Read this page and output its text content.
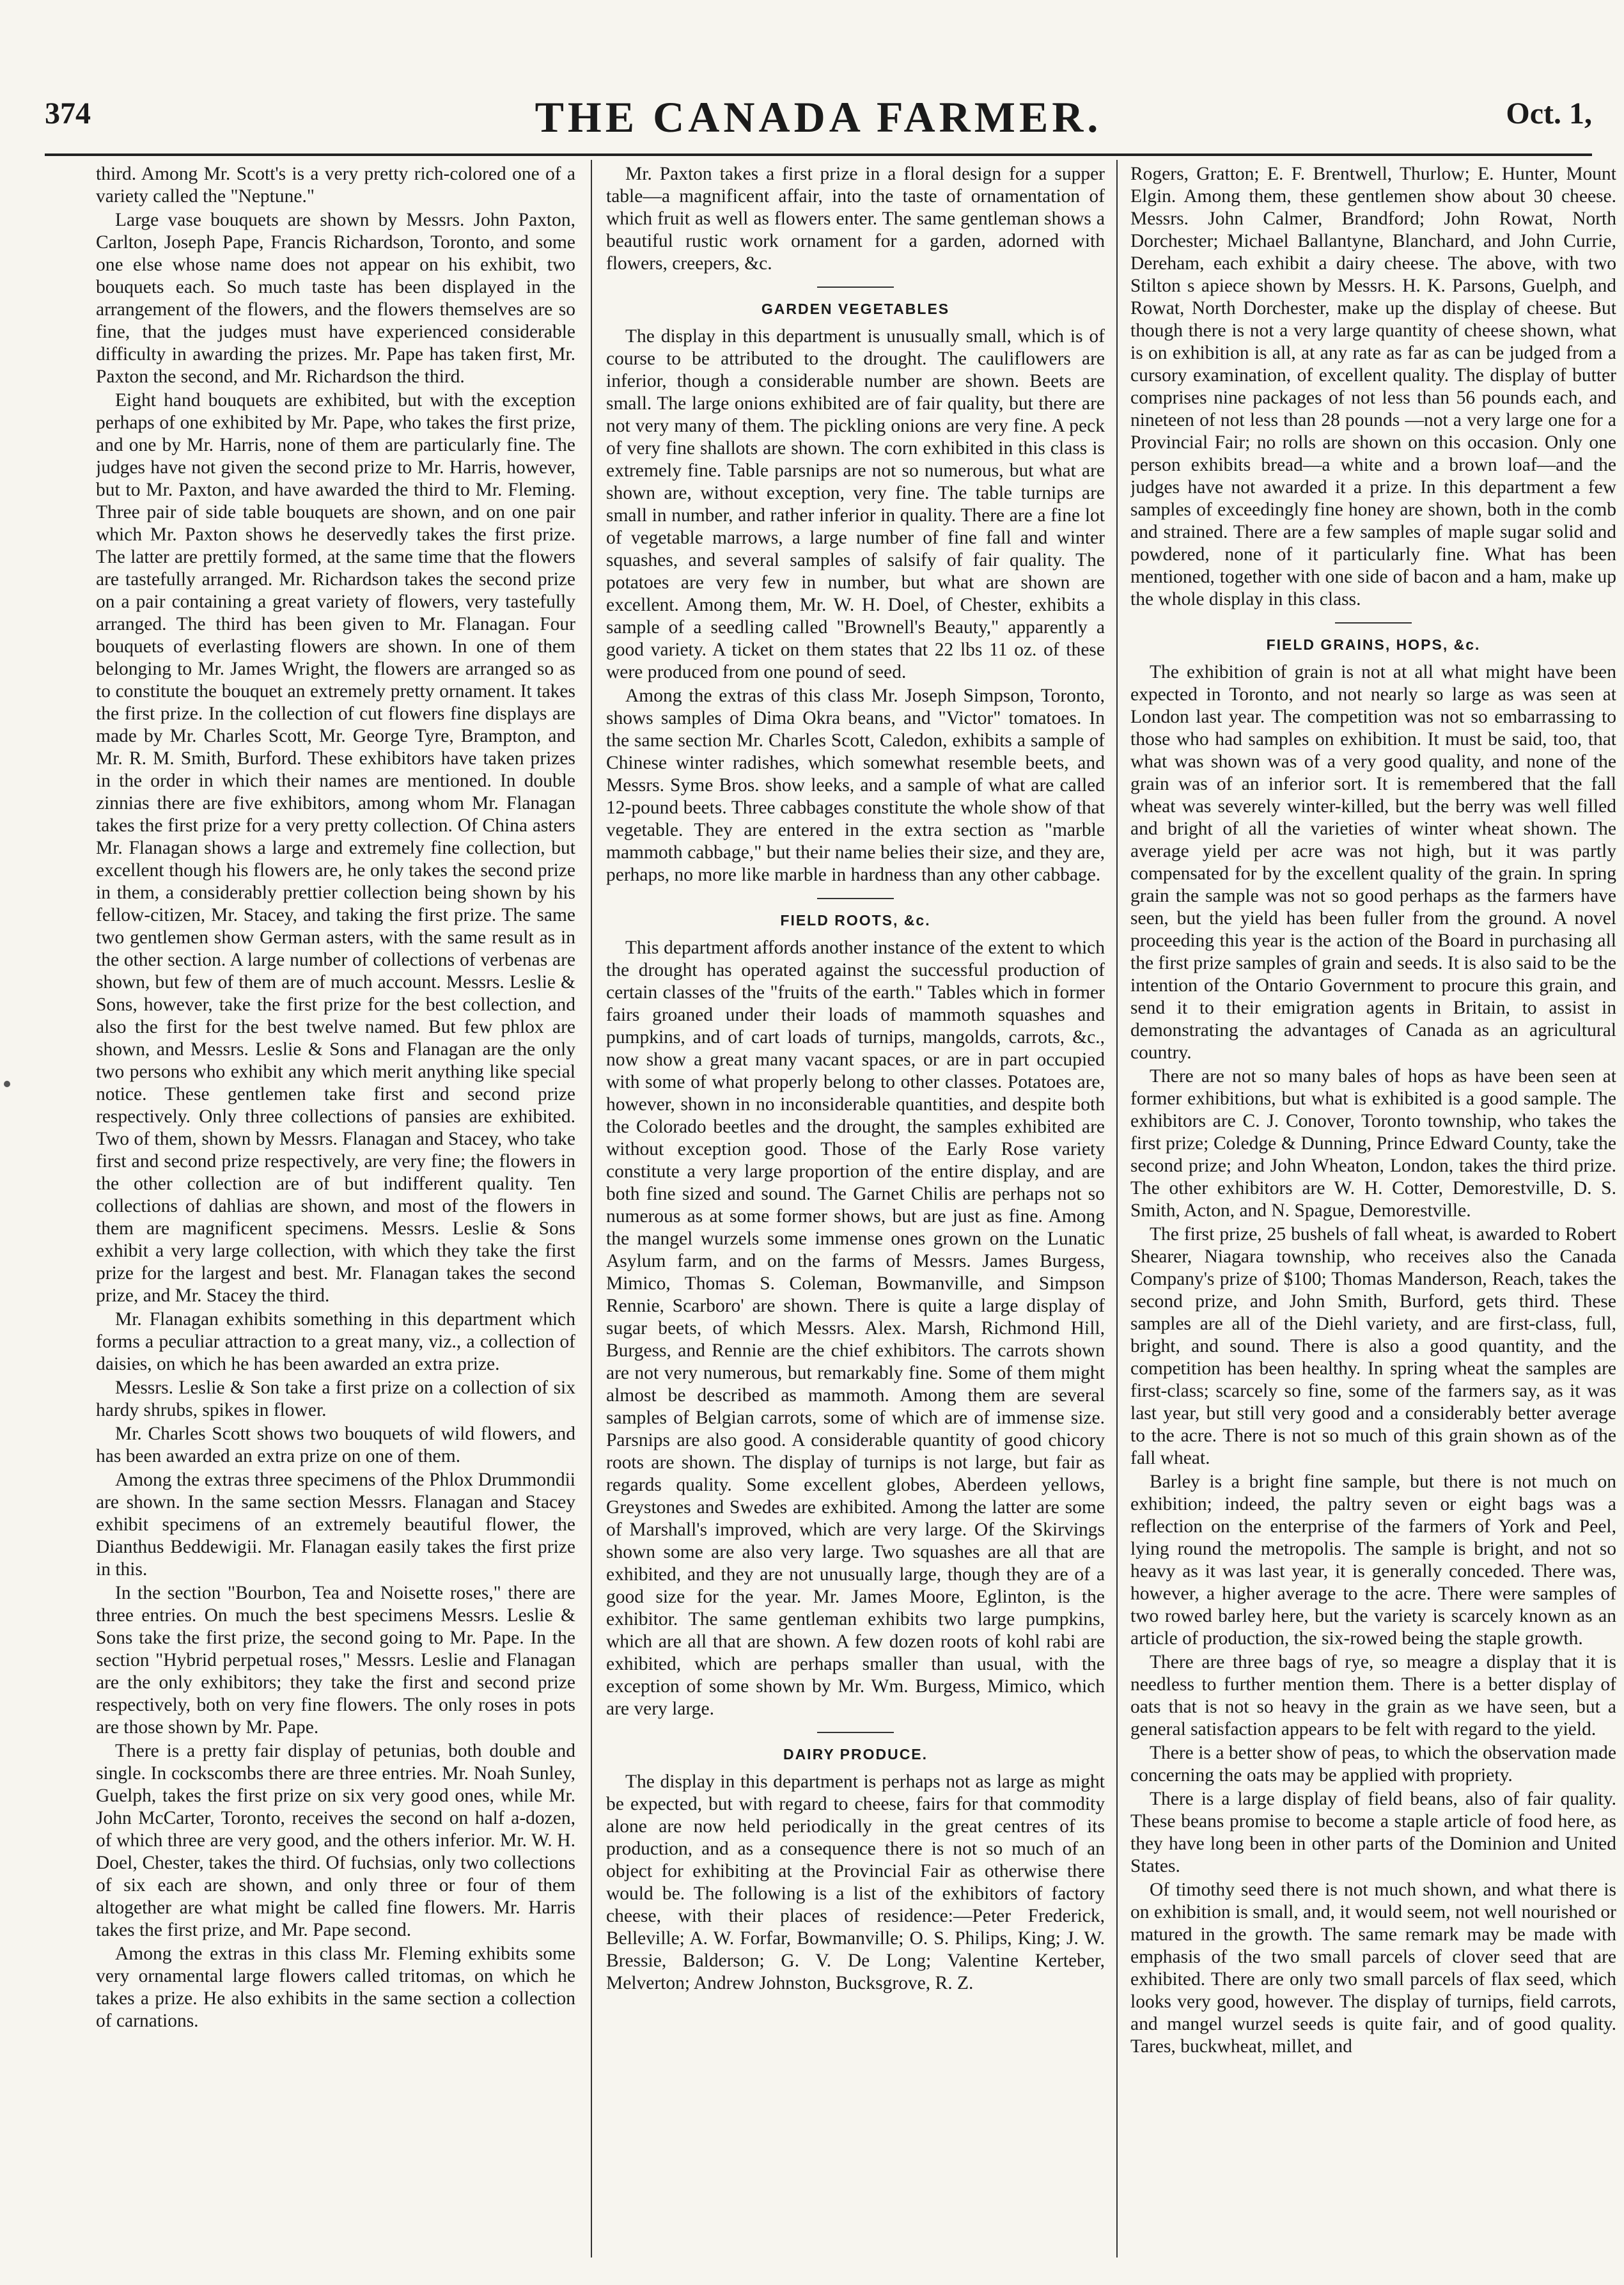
374	THE CANADA FARMER.	Oct. 1,

third. Among Mr. Scott's is a very pretty rich-colored one of a variety called the "Neptune."

Large vase bouquets are shown by Messrs. John Paxton, Carlton, Joseph Pape, Francis Richardson, Toronto, and some one else whose name does not appear on his exhibit, two bouquets each. So much taste has been displayed in the arrangement of the flowers, and the flowers themselves are so fine, that the judges must have experienced considerable difficulty in awarding the prizes. Mr. Pape has taken first, Mr. Paxton the second, and Mr. Richardson the third.

Eight hand bouquets are exhibited, but with the exception perhaps of one exhibited by Mr. Pape, who takes the first prize, and one by Mr. Harris, none of them are particularly fine. The judges have not given the second prize to Mr. Harris, however, but to Mr. Paxton, and have awarded the third to Mr. Fleming. Three pair of side table bouquets are shown, and on one pair which Mr. Paxton shows he deservedly takes the first prize. The latter are prettily formed, at the same time that the flowers are tastefully arranged. Mr. Richardson takes the second prize on a pair containing a great variety of flowers, very tastefully arranged. The third has been given to Mr. Flanagan. Four bouquets of everlasting flowers are shown. In one of them belonging to Mr. James Wright, the flowers are arranged so as to constitute the bouquet an extremely pretty ornament. It takes the first prize. In the collection of cut flowers fine displays are made by Mr. Charles Scott, Mr. George Tyre, Brampton, and Mr. R. M. Smith, Burford. These exhibitors have taken prizes in the order in which their names are mentioned. In double zinnias there are five exhibitors, among whom Mr. Flanagan takes the first prize for a very pretty collection. Of China asters Mr. Flanagan shows a large and extremely fine collection, but excellent though his flowers are, he only takes the second prize in them, a considerably prettier collection being shown by his fellow-citizen, Mr. Stacey, and taking the first prize. The same two gentlemen show German asters, with the same result as in the other section. A large number of collections of verbenas are shown, but few of them are of much account. Messrs. Leslie & Sons, however, take the first prize for the best collection, and also the first for the best twelve named. But few phlox are shown, and Messrs. Leslie & Sons and Flanagan are the only two persons who exhibit any which merit anything like special notice. These gentlemen take first and second prize respectively. Only three collections of pansies are exhibited. Two of them, shown by Messrs. Flanagan and Stacey, who take first and second prize respectively, are very fine; the flowers in the other collection are of but indifferent quality. Ten collections of dahlias are shown, and most of the flowers in them are magnificent specimens. Messrs. Leslie & Sons exhibit a very large collection, with which they take the first prize for the largest and best. Mr. Flanagan takes the second prize, and Mr. Stacey the third.

Mr. Flanagan exhibits something in this department which forms a peculiar attraction to a great many, viz., a collection of daisies, on which he has been awarded an extra prize.

Messrs. Leslie & Son take a first prize on a collection of six hardy shrubs, spikes in flower.

Mr. Charles Scott shows two bouquets of wild flowers, and has been awarded an extra prize on one of them.

Among the extras three specimens of the Phlox Drummondii are shown. In the same section Messrs. Flanagan and Stacey exhibit specimens of an extremely beautiful flower, the Dianthus Beddewigii. Mr. Flanagan easily takes the first prize in this.

In the section "Bourbon, Tea and Noisette roses," there are three entries. On much the best specimens Messrs. Leslie & Sons take the first prize, the second going to Mr. Pape. In the section "Hybrid perpetual roses," Messrs. Leslie and Flanagan are the only exhibitors; they take the first and second prize respectively, both on very fine flowers. The only roses in pots are those shown by Mr. Pape.

There is a pretty fair display of petunias, both double and single. In cockscombs there are three entries. Mr. Noah Sunley, Guelph, takes the first prize on six very good ones, while Mr. John McCarter, Toronto, receives the second on half a-dozen, of which three are very good, and the others inferior. Mr. W. H. Doel, Chester, takes the third. Of fuchsias, only two collections of six each are shown, and only three or four of them altogether are what might be called fine flowers. Mr. Harris takes the first prize, and Mr. Pape second.

Among the extras in this class Mr. Fleming exhibits some very ornamental large flowers called tritomas, on which he takes a prize. He also exhibits in the same section a collection of carnations.

Mr. Paxton takes a first prize in a floral design for a supper table—a magnificent affair, into the taste of ornamentation of which fruit as well as flowers enter. The same gentleman shows a beautiful rustic work ornament for a garden, adorned with flowers, creepers, &c.

GARDEN VEGETABLES

The display in this department is unusually small, which is of course to be attributed to the drought. The cauliflowers are inferior, though a considerable number are shown. Beets are small. The large onions exhibited are of fair quality, but there are not very many of them. The pickling onions are very fine. A peck of very fine shallots are shown. The corn exhibited in this class is extremely fine. Table parsnips are not so numerous, but what are shown are, without exception, very fine. The table turnips are small in number, and rather inferior in quality. There are a fine lot of vegetable marrows, a large number of fine fall and winter squashes, and several samples of salsify of fair quality. The potatoes are very few in number, but what are shown are excellent. Among them, Mr. W. H. Doel, of Chester, exhibits a sample of a seedling called "Brownell's Beauty," apparently a good variety. A ticket on them states that 22 lbs 11 oz. of these were produced from one pound of seed.

Among the extras of this class Mr. Joseph Simpson, Toronto, shows samples of Dima Okra beans, and "Victor" tomatoes. In the same section Mr. Charles Scott, Caledon, exhibits a sample of Chinese winter radishes, which somewhat resemble beets, and Messrs. Syme Bros. show leeks, and a sample of what are called 12-pound beets. Three cabbages constitute the whole show of that vegetable. They are entered in the extra section as "marble mammoth cabbage," but their name belies their size, and they are, perhaps, no more like marble in hardness than any other cabbage.

FIELD ROOTS, &c.

This department affords another instance of the extent to which the drought has operated against the successful production of certain classes of the "fruits of the earth." Tables which in former fairs groaned under their loads of mammoth squashes and pumpkins, and of cart loads of turnips, mangolds, carrots, &c., now show a great many vacant spaces, or are in part occupied with some of what properly belong to other classes. Potatoes are, however, shown in no inconsiderable quantities, and despite both the Colorado beetles and the drought, the samples exhibited are without exception good. Those of the Early Rose variety constitute a very large proportion of the entire display, and are both fine sized and sound. The Garnet Chilis are perhaps not so numerous as at some former shows, but are just as fine. Among the mangel wurzels some immense ones grown on the Lunatic Asylum farm, and on the farms of Messrs. James Burgess, Mimico, Thomas S. Coleman, Bowmanville, and Simpson Rennie, Scarboro' are shown. There is quite a large display of sugar beets, of which Messrs. Alex. Marsh, Richmond Hill, Burgess, and Rennie are the chief exhibitors. The carrots shown are not very numerous, but remarkably fine. Some of them might almost be described as mammoth. Among them are several samples of Belgian carrots, some of which are of immense size. Parsnips are also good. A considerable quantity of good chicory roots are shown. The display of turnips is not large, but fair as regards quality. Some excellent globes, Aberdeen yellows, Greystones and Swedes are exhibited. Among the latter are some of Marshall's improved, which are very large. Of the Skirvings shown some are also very large. Two squashes are all that are exhibited, and they are not unusually large, though they are of a good size for the year. Mr. James Moore, Eglinton, is the exhibitor. The same gentleman exhibits two large pumpkins, which are all that are shown. A few dozen roots of kohl rabi are exhibited, which are perhaps smaller than usual, with the exception of some shown by Mr. Wm. Burgess, Mimico, which are very large.

DAIRY PRODUCE.

The display in this department is perhaps not as large as might be expected, but with regard to cheese, fairs for that commodity alone are now held periodically in the great centres of its production, and as a consequence there is not so much of an object for exhibiting at the Provincial Fair as otherwise there would be. The following is a list of the exhibitors of factory cheese, with their places of residence:—Peter Frederick, Belleville; A. W. Forfar, Bowmanville; O. S. Philips, King; J. W. Bressie, Balderson; G. V. De Long; Valentine Kerteber, Melverton; Andrew Johnston, Bucksgrove, R. Z.

Rogers, Gratton; E. F. Brentwell, Thurlow; E. Hunter, Mount Elgin. Among them, these gentlemen show about 30 cheese. Messrs. John Calmer, Brandford; John Rowat, North Dorchester; Michael Ballantyne, Blanchard, and John Currie, Dereham, each exhibit a dairy cheese. The above, with two Stilton s apiece shown by Messrs. H. K. Parsons, Guelph, and Rowat, North Dorchester, make up the display of cheese. But though there is not a very large quantity of cheese shown, what is on exhibition is all, at any rate as far as can be judged from a cursory examination, of excellent quality. The display of butter comprises nine packages of not less than 56 pounds each, and nineteen of not less than 28 pounds —not a very large one for a Provincial Fair; no rolls are shown on this occasion. Only one person exhibits bread—a white and a brown loaf—and the judges have not awarded it a prize. In this department a few samples of exceedingly fine honey are shown, both in the comb and strained. There are a few samples of maple sugar solid and powdered, none of it particularly fine. What has been mentioned, together with one side of bacon and a ham, make up the whole display in this class.

FIELD GRAINS, HOPS, &c.

The exhibition of grain is not at all what might have been expected in Toronto, and not nearly so large as was seen at London last year. The competition was not so embarrassing to those who had samples on exhibition. It must be said, too, that what was shown was of a very good quality, and none of the grain was of an inferior sort. It is remembered that the fall wheat was severely winter-killed, but the berry was well filled and bright of all the varieties of winter wheat shown. The average yield per acre was not high, but it was partly compensated for by the excellent quality of the grain. In spring grain the sample was not so good perhaps as the farmers have seen, but the yield has been fuller from the ground. A novel proceeding this year is the action of the Board in purchasing all the first prize samples of grain and seeds. It is also said to be the intention of the Ontario Government to procure this grain, and send it to their emigration agents in Britain, to assist in demonstrating the advantages of Canada as an agricultural country.

There are not so many bales of hops as have been seen at former exhibitions, but what is exhibited is a good sample. The exhibitors are C. J. Conover, Toronto township, who takes the first prize; Coledge & Dunning, Prince Edward County, take the second prize; and John Wheaton, London, takes the third prize. The other exhibitors are W. H. Cotter, Demorestville, D. S. Smith, Acton, and N. Spague, Demorestville.

The first prize, 25 bushels of fall wheat, is awarded to Robert Shearer, Niagara township, who receives also the Canada Company's prize of $100; Thomas Manderson, Reach, takes the second prize, and John Smith, Burford, gets third. These samples are all of the Diehl variety, and are first-class, full, bright, and sound. There is also a good quantity, and the competition has been healthy. In spring wheat the samples are first-class; scarcely so fine, some of the farmers say, as it was last year, but still very good and a considerably better average to the acre. There is not so much of this grain shown as of the fall wheat.

Barley is a bright fine sample, but there is not much on exhibition; indeed, the paltry seven or eight bags was a reflection on the enterprise of the farmers of York and Peel, lying round the metropolis. The sample is bright, and not so heavy as it was last year, it is generally conceded. There was, however, a higher average to the acre. There were samples of two rowed barley here, but the variety is scarcely known as an article of production, the six-rowed being the staple growth.

There are three bags of rye, so meagre a display that it is needless to further mention them. There is a better display of oats that is not so heavy in the grain as we have seen, but a general satisfaction appears to be felt with regard to the yield.

There is a better show of peas, to which the observation made concerning the oats may be applied with propriety.

There is a large display of field beans, also of fair quality. These beans promise to become a staple article of food here, as they have long been in other parts of the Dominion and United States.

Of timothy seed there is not much shown, and what there is on exhibition is small, and, it would seem, not well nourished or matured in the growth. The same remark may be made with emphasis of the two small parcels of clover seed that are exhibited. There are only two small parcels of flax seed, which looks very good, however. The display of turnips, field carrots, and mangel wurzel seeds is quite fair, and of good quality. Tares, buckwheat, millet, and
